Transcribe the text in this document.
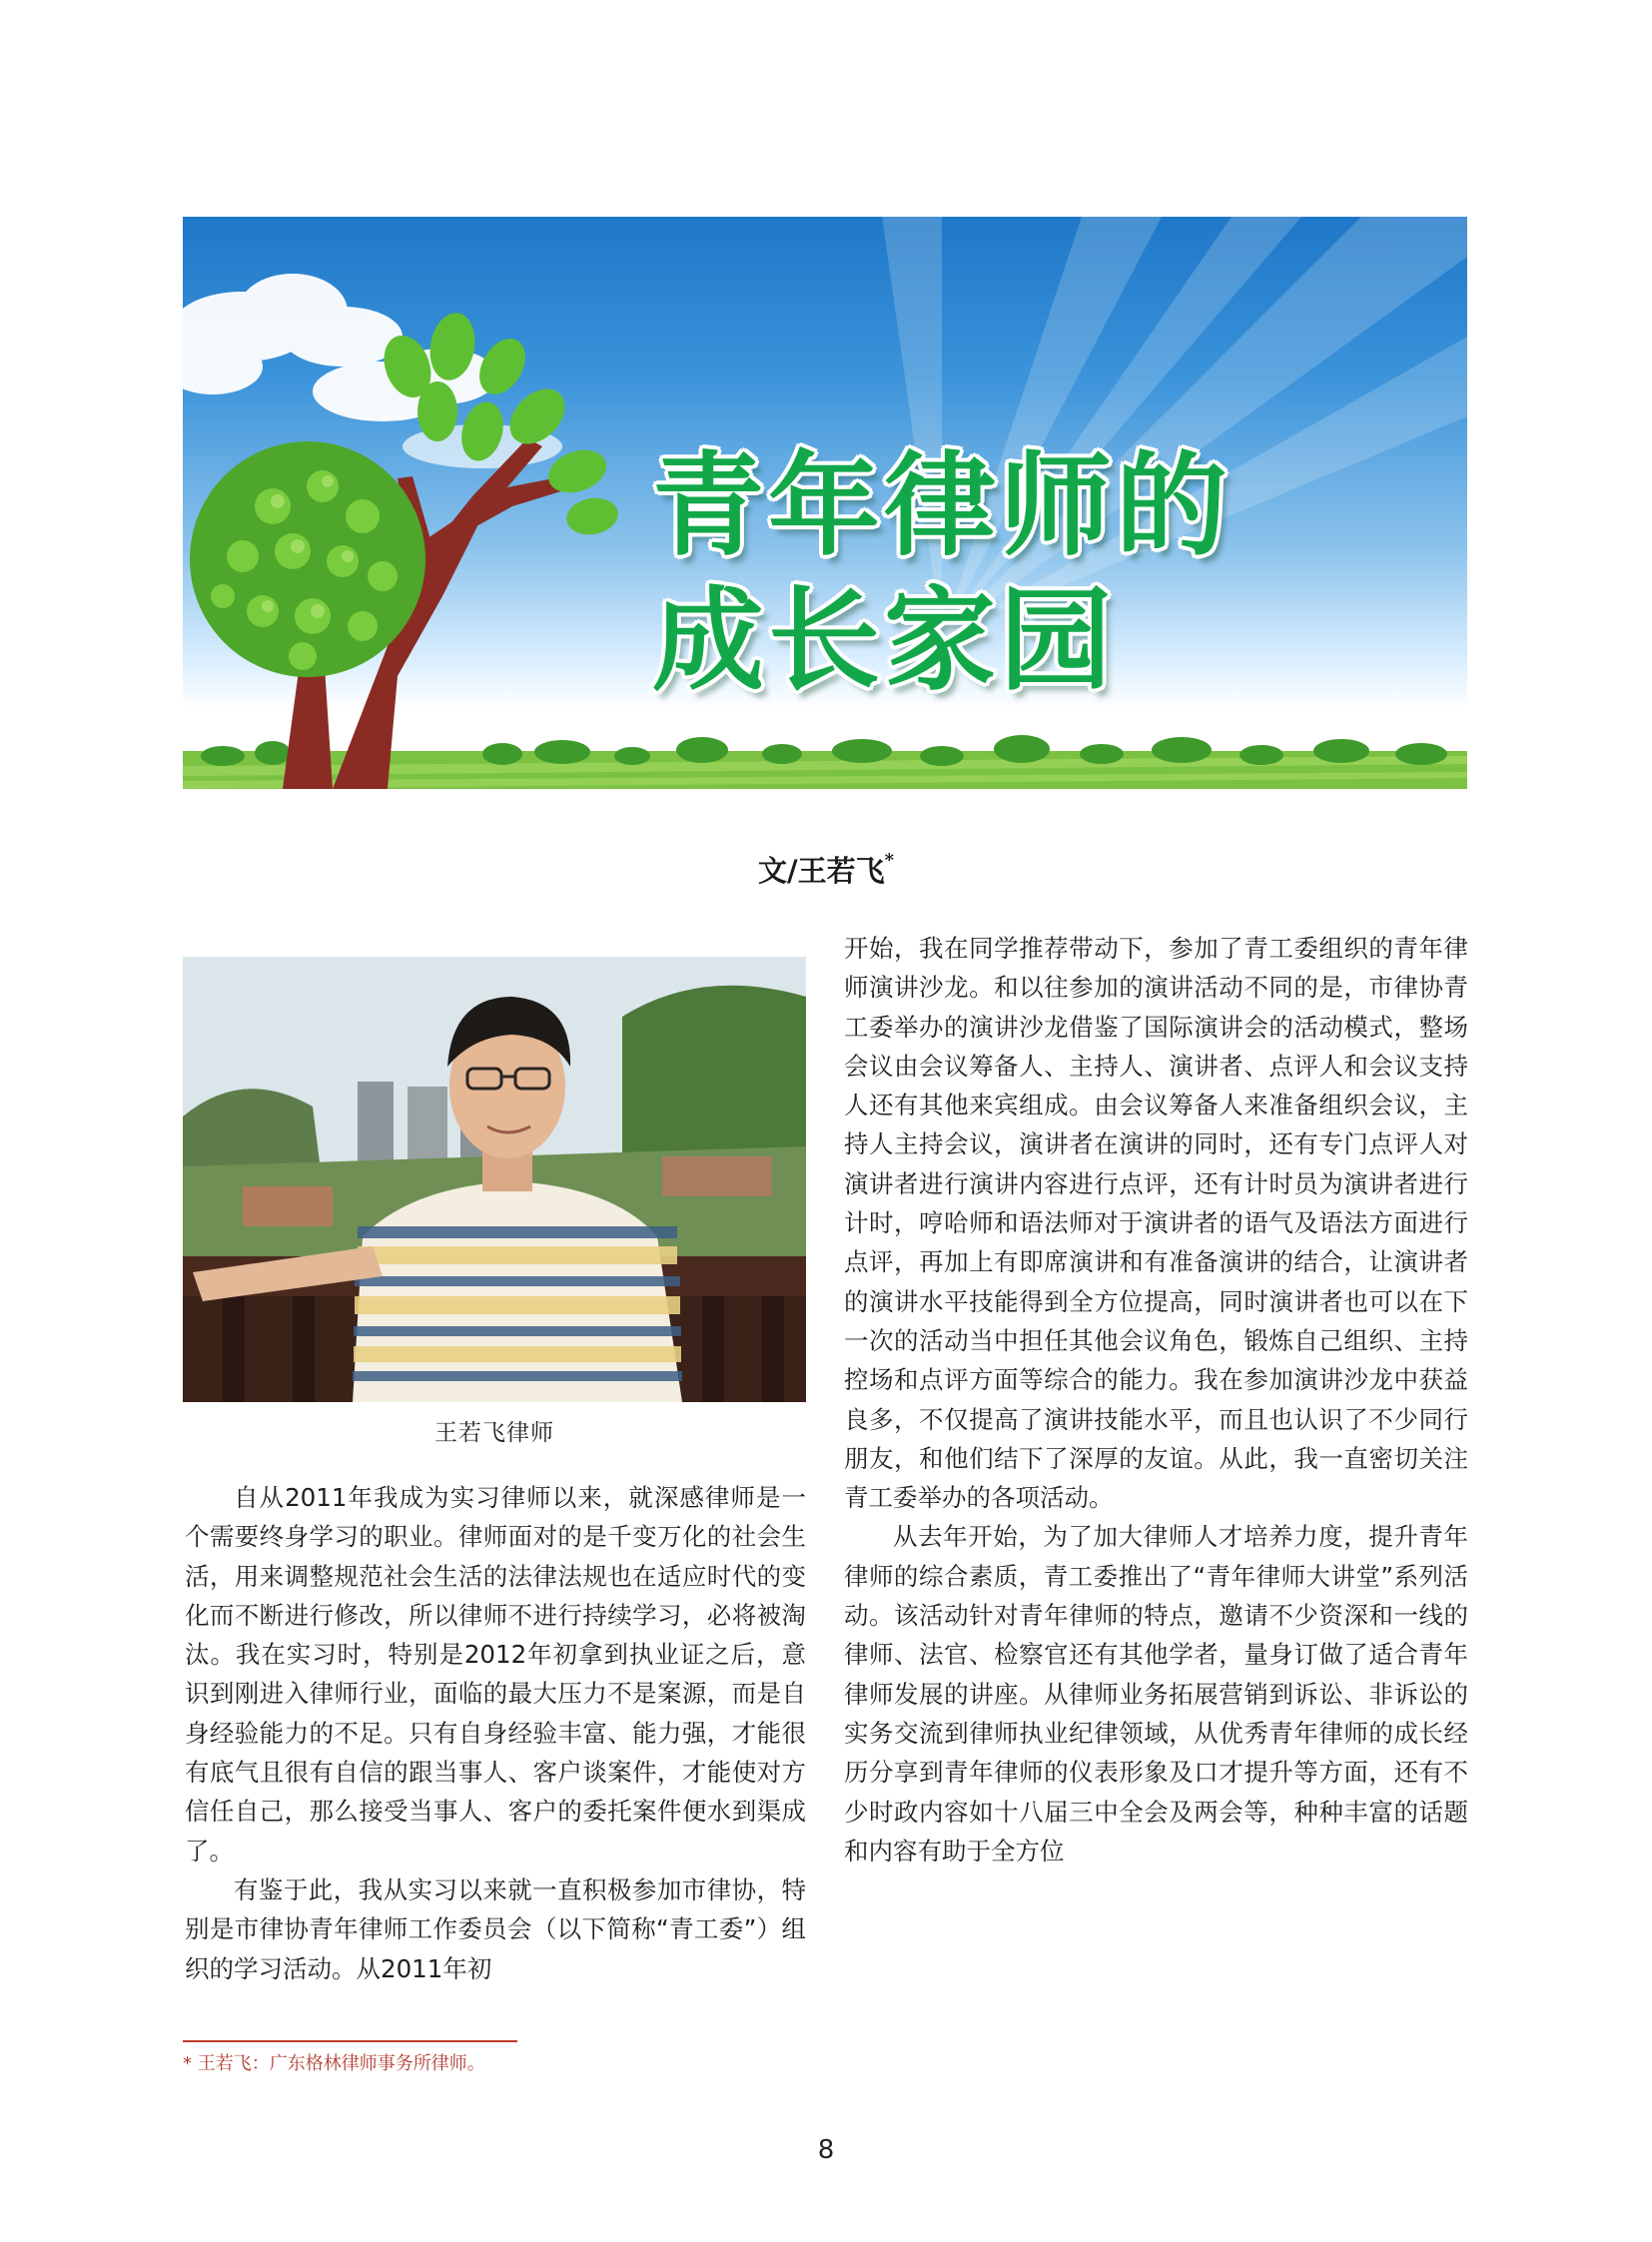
青年律师的
成长家园
文/王若飞*
王若飞律师

自从2011年我成为实习律师以来，就深感律师是一个需要终身学习的职业。律师面对的是千变万化的社会生活，用来调整规范社会生活的法律法规也在适应时代的变化而不断进行修改，所以律师不进行持续学习，必将被淘汰。我在实习时，特别是2012年初拿到执业证之后，意识到刚进入律师行业，面临的最大压力不是案源，而是自身经验能力的不足。只有自身经验丰富、能力强，才能很有底气且很有自信的跟当事人、客户谈案件，才能使对方信任自己，那么接受当事人、客户的委托案件便水到渠成了。

有鉴于此，我从实习以来就一直积极参加市律协，特别是市律协青年律师工作委员会（以下简称“青工委”）组织的学习活动。从2011年初

开始，我在同学推荐带动下，参加了青工委组织的青年律师演讲沙龙。和以往参加的演讲活动不同的是，市律协青工委举办的演讲沙龙借鉴了国际演讲会的活动模式，整场会议由会议筹备人、主持人、演讲者、点评人和会议支持人还有其他来宾组成。由会议筹备人来准备组织会议，主持人主持会议，演讲者在演讲的同时，还有专门点评人对演讲者进行演讲内容进行点评，还有计时员为演讲者进行计时，哼哈师和语法师对于演讲者的语气及语法方面进行点评，再加上有即席演讲和有准备演讲的结合，让演讲者的演讲水平技能得到全方位提高，同时演讲者也可以在下一次的活动当中担任其他会议角色，锻炼自己组织、主持控场和点评方面等综合的能力。我在参加演讲沙龙中获益良多，不仅提高了演讲技能水平，而且也认识了不少同行朋友，和他们结下了深厚的友谊。从此，我一直密切关注青工委举办的各项活动。

从去年开始，为了加大律师人才培养力度，提升青年律师的综合素质，青工委推出了“青年律师大讲堂”系列活动。该活动针对青年律师的特点，邀请不少资深和一线的律师、法官、检察官还有其他学者，量身订做了适合青年律师发展的讲座。从律师业务拓展营销到诉讼、非诉讼的实务交流到律师执业纪律领域，从优秀青年律师的成长经历分享到青年律师的仪表形象及口才提升等方面，还有不少时政内容如十八届三中全会及两会等，种种丰富的话题和内容有助于全方位

* 王若飞：广东格林律师事务所律师。
8
